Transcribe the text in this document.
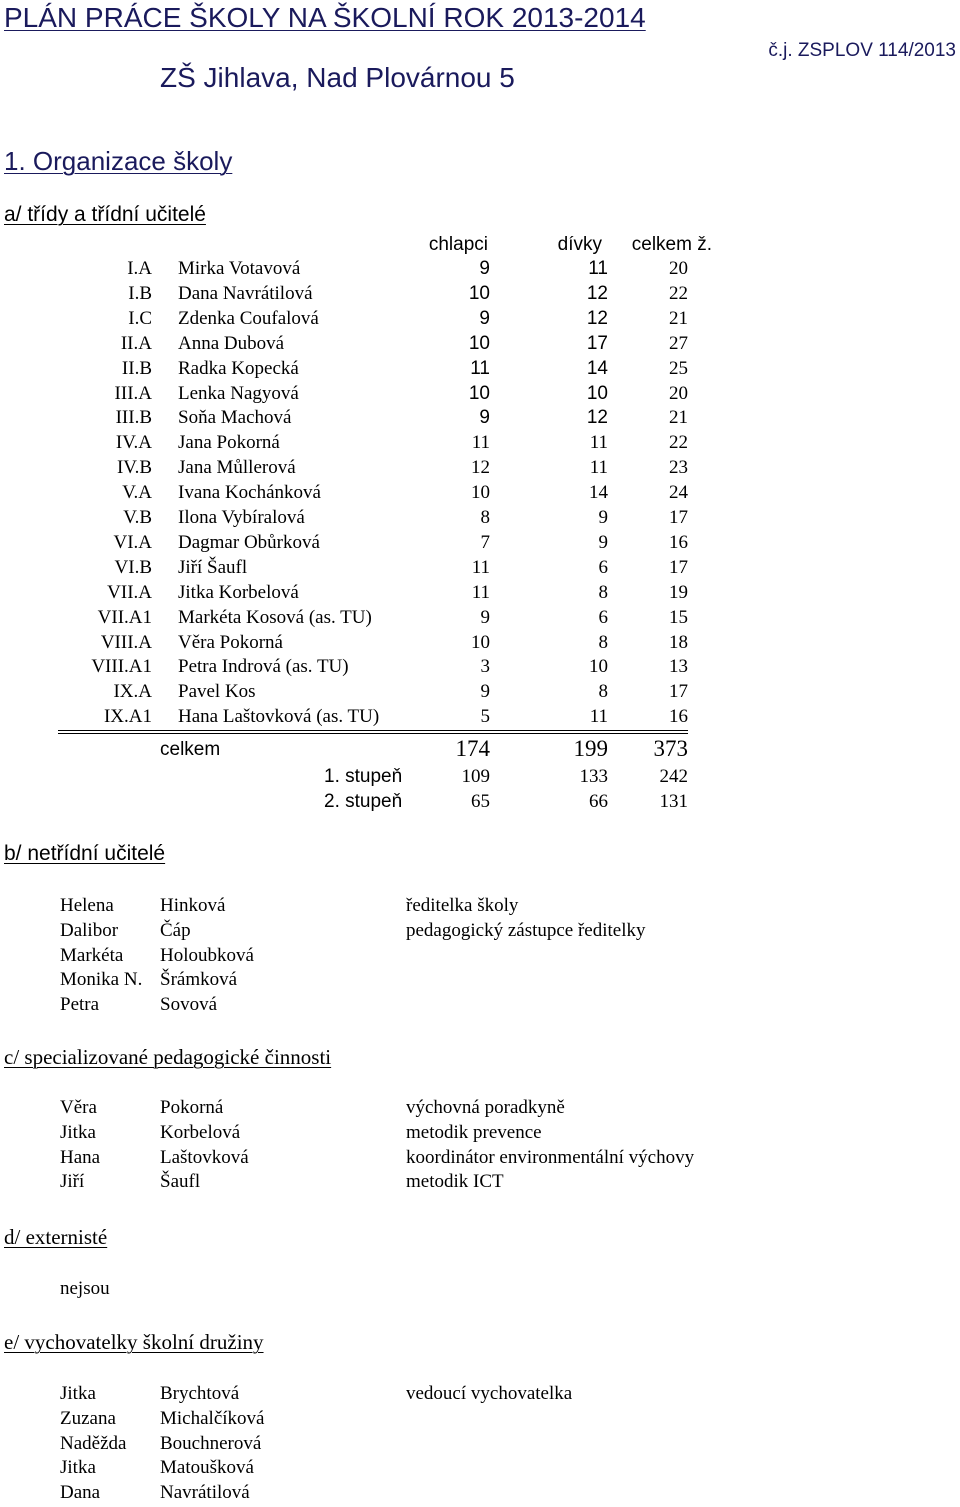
PLÁN PRÁCE ŠKOLY NA ŠKOLNÍ ROK 2013-2014
č.j. ZSPLOV 114/2013
ZŠ Jihlava, Nad Plovárnou 5
1. Organizace školy
a/ třídy a třídní učitelé
chlapci	dívky celkem ž.
I.A Mirka Votavová	9	11	20
I.B Dana Navrátilová	10	12	22
I.C Zdenka Coufalová	9	12	21
II.A Anna Dubová	10	17	27
II.B Radka Kopecká	11	14	25
III.A Lenka Nagyová	10	10	20
III.B Soňa Machová	9	12	21
IV.A Jana Pokorná	11	11	22
IV.B Jana Můllerová	12	11	23
V.A Ivana Kochánková	10	14	24
V.B Ilona Vybíralová	8	9	17
VI.A Dagmar Obůrková	7	9	16
VI.B Jiří Šaufl	11	6	17
VII.A Jitka Korbelová	11	8	19
VII.A1 Markéta Kosová (as. TU)	9	6	15
VIII.A Věra Pokorná	10	8	18
VIII.A1 Petra Indrová (as. TU)	3	10	13
IX.A Pavel Kos	9	8	17
IX.A1 Hana Laštovková (as. TU)	5	11	16
celkem	174	199 373
1. stupeň	109	133	242
2. stupeň	65	66	131
b/ netřídní učitelé
Helena Hinková	ředitelka školy
Dalibor Čáp	pedagogický zástupce ředitelky
Markéta Holoubková
Monika N. Šrámková
Petra	Sovová
c/ specializované pedagogické činnosti
Věra	Pokorná	výchovná poradkyně
Jitka	Korbelová	metodik prevence
Hana	Laštovková	koordinátor environmentální výchovy
Jiří	Šaufl	metodik ICT
d/ externisté
nejsou
e/ vychovatelky školní družiny
Jitka	Brychtová	vedoucí vychovatelka
Zuzana Michalčíková
Naděžda Bouchnerová
Jitka	Matoušková
Dana	Navrátilová
